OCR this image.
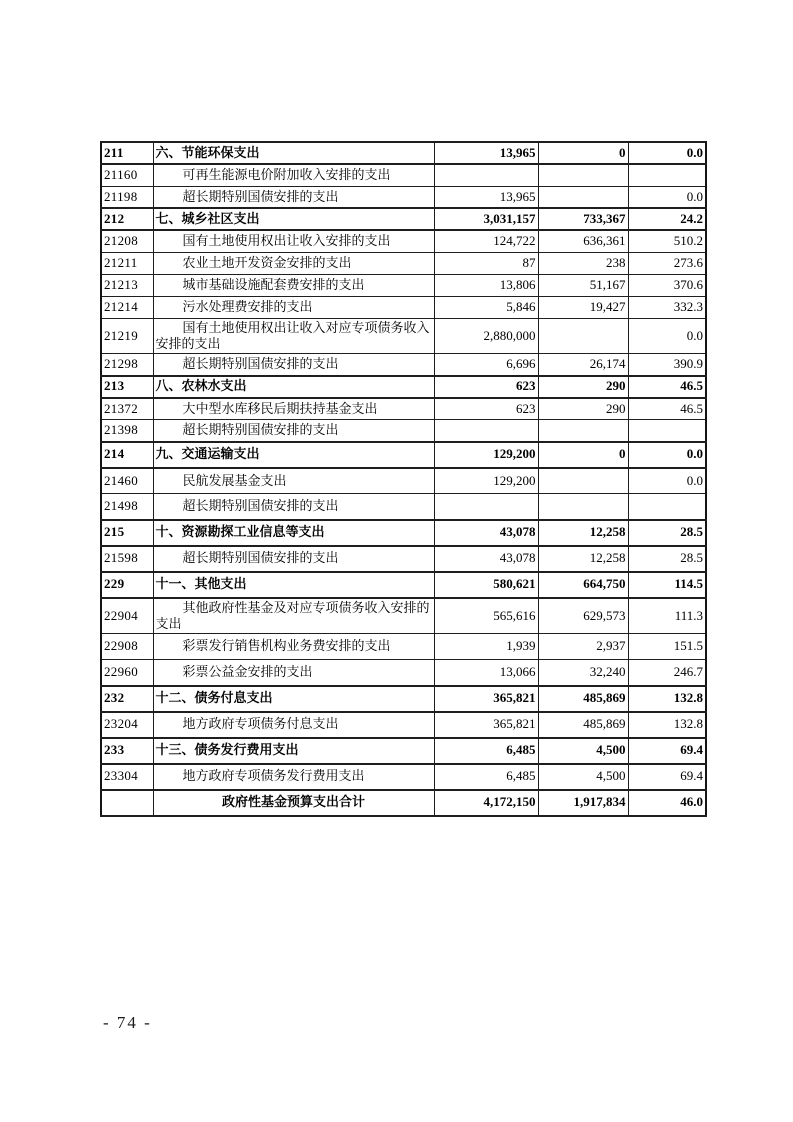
211	六、节能环保支出	13,965	0	0.0
21160	可再生能源电价附加收入安排的支出			
21198	超长期特别国债安排的支出	13,965		0.0
212	七、城乡社区支出	3,031,157	733,367	24.2
21208	国有土地使用权出让收入安排的支出	124,722	636,361	510.2
21211	农业土地开发资金安排的支出	87	238	273.6
21213	城市基础设施配套费安排的支出	13,806	51,167	370.6
21214	污水处理费安排的支出	5,846	19,427	332.3
21219	国有土地使用权出让收入对应专项债务收入安排的支出	2,880,000		0.0
21298	超长期特别国债安排的支出	6,696	26,174	390.9
213	八、农林水支出	623	290	46.5
21372	大中型水库移民后期扶持基金支出	623	290	46.5
21398	超长期特别国债安排的支出			
214	九、交通运输支出	129,200	0	0.0
21460	民航发展基金支出	129,200		0.0
21498	超长期特别国债安排的支出			
215	十、资源勘探工业信息等支出	43,078	12,258	28.5
21598	超长期特别国债安排的支出	43,078	12,258	28.5
229	十一、其他支出	580,621	664,750	114.5
22904	其他政府性基金及对应专项债务收入安排的支出	565,616	629,573	111.3
22908	彩票发行销售机构业务费安排的支出	1,939	2,937	151.5
22960	彩票公益金安排的支出	13,066	32,240	246.7
232	十二、债务付息支出	365,821	485,869	132.8
23204	地方政府专项债务付息支出	365,821	485,869	132.8
233	十三、债务发行费用支出	6,485	4,500	69.4
23304	地方政府专项债务发行费用支出	6,485	4,500	69.4
	政府性基金预算支出合计	4,172,150	1,917,834	46.0
- 74 -
